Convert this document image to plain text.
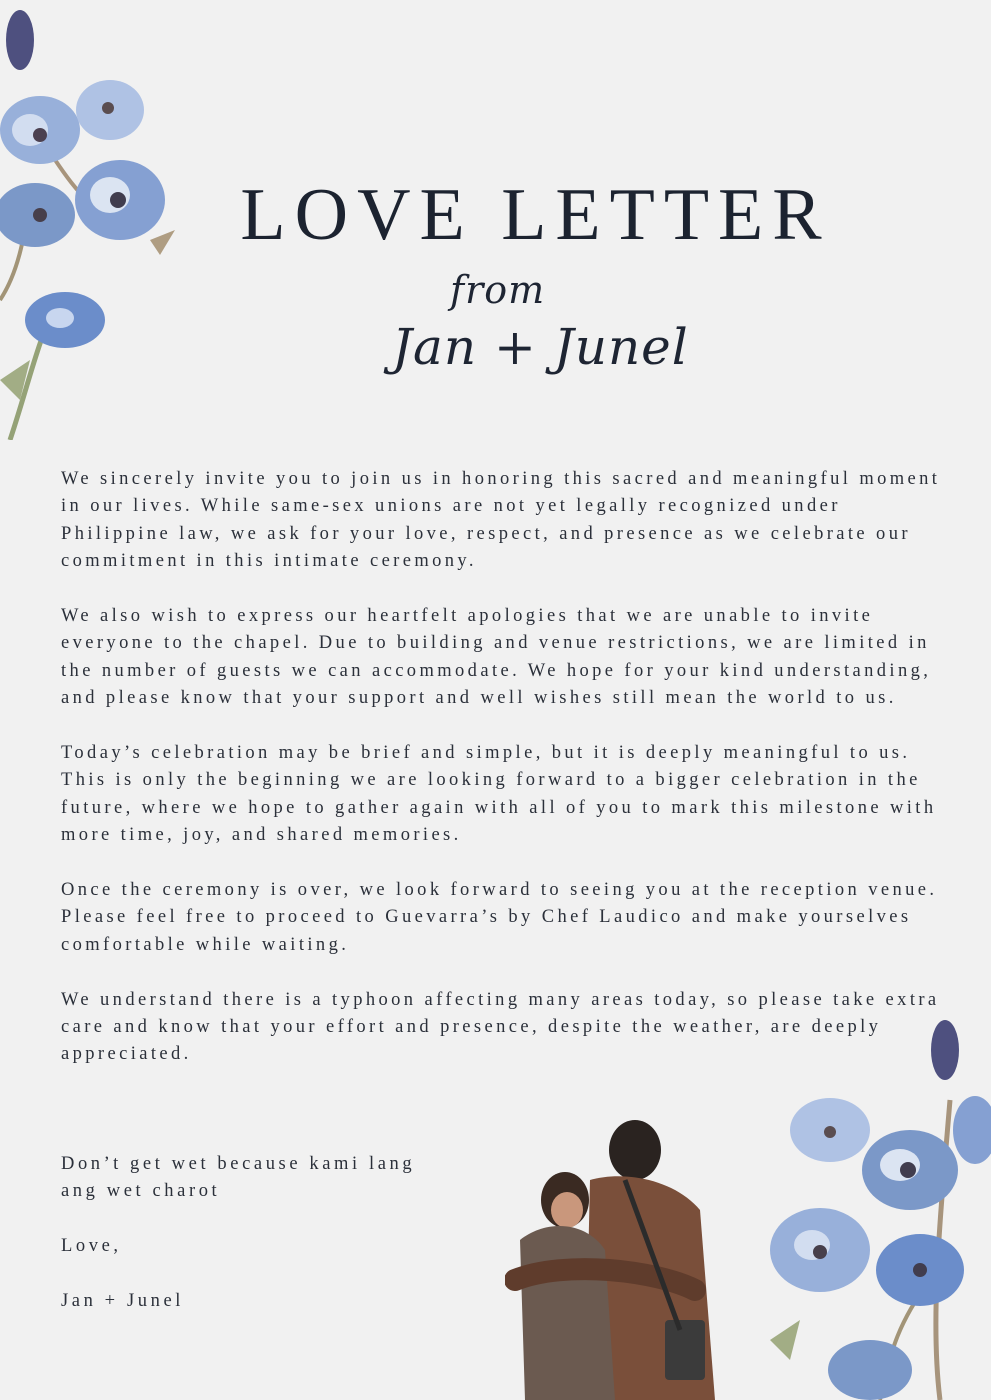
LOVE LETTER
from
Jan + Junel

We sincerely invite you to join us in honoring this sacred and meaningful moment in our lives. While same-sex unions are not yet legally recognized under Philippine law, we ask for your love, respect, and presence as we celebrate our commitment in this intimate ceremony.

We also wish to express our heartfelt apologies that we are unable to invite everyone to the chapel. Due to building and venue restrictions, we are limited in the number of guests we can accommodate. We hope for your kind understanding, and please know that your support and well wishes still mean the world to us.

Today’s celebration may be brief and simple, but it is deeply meaningful to us. This is only the beginning we are looking forward to a bigger celebration in the future, where we hope to gather again with all of you to mark this milestone with more time, joy, and shared memories.

Once the ceremony is over, we look forward to seeing you at the reception venue. Please feel free to proceed to Guevarra’s by Chef Laudico and make yourselves comfortable while waiting.

We understand there is a typhoon affecting many areas today, so please take extra care and know that your effort and presence, despite the weather, are deeply appreciated.

Don’t get wet because kami lang ang wet charot

Love,

Jan + Junel
